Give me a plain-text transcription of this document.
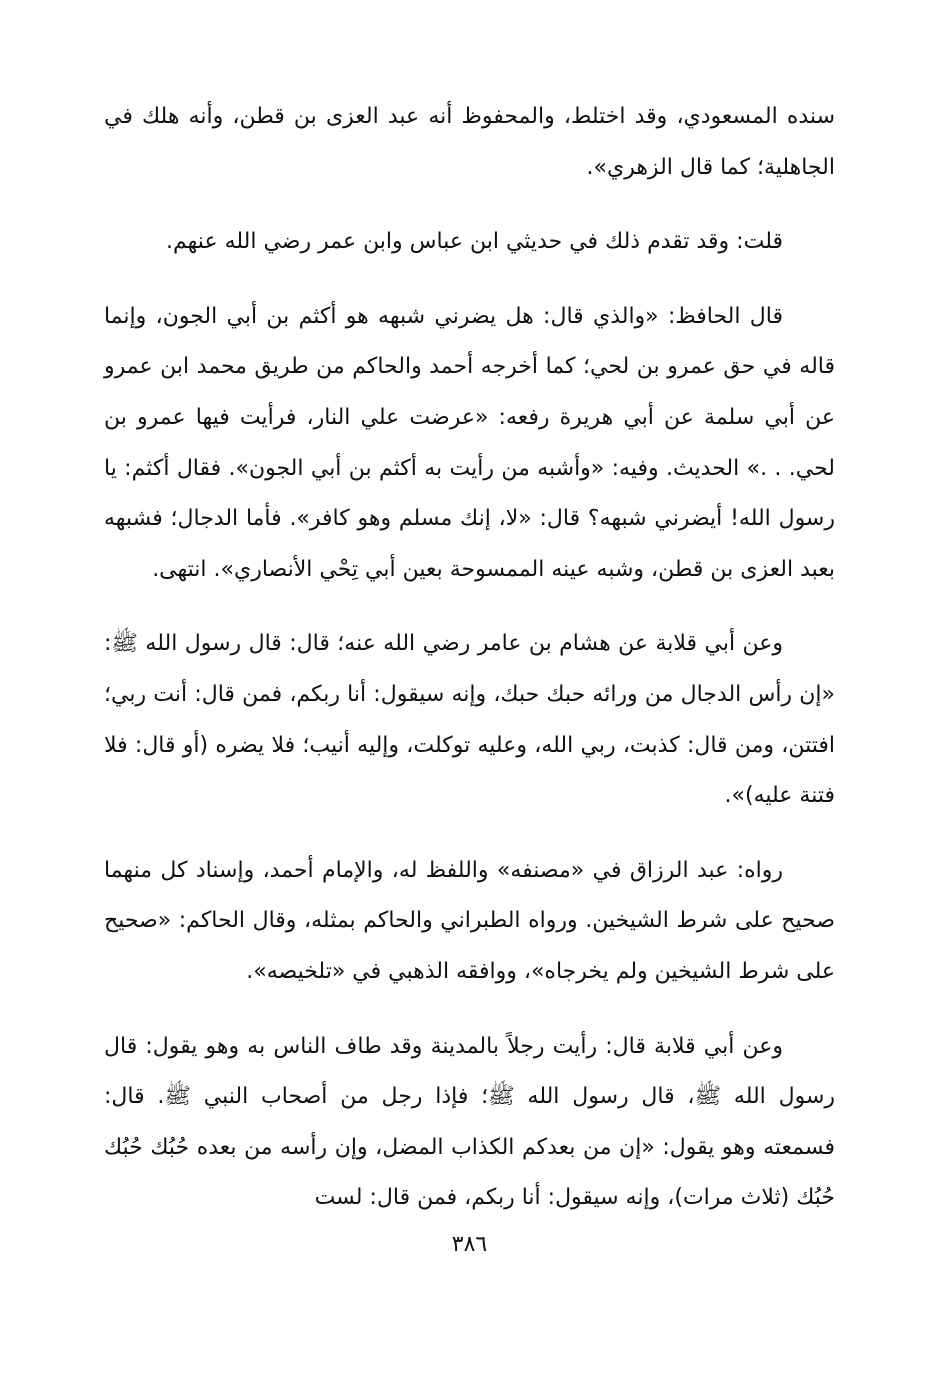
سنده المسعودي، وقد اختلط، والمحفوظ أنه عبد العزى بن قطن، وأنه هلك في الجاهلية؛ كما قال الزهري».

قلت: وقد تقدم ذلك في حديثي ابن عباس وابن عمر رضي الله عنهم.

قال الحافظ: «والذي قال: هل يضرني شبهه هو أكثم بن أبي الجون، وإنما قاله في حق عمرو بن لحي؛ كما أخرجه أحمد والحاكم من طريق محمد ابن عمرو عن أبي سلمة عن أبي هريرة رفعه: «عرضت علي النار، فرأيت فيها عمرو بن لحي. . .» الحديث. وفيه: «وأشبه من رأيت به أكثم بن أبي الجون». فقال أكثم: يا رسول الله! أيضرني شبهه؟ قال: «لا، إنك مسلم وهو كافر». فأما الدجال؛ فشبهه بعبد العزى بن قطن، وشبه عينه الممسوحة بعين أبي تِحْي الأنصاري». انتهى.

وعن أبي قلابة عن هشام بن عامر رضي الله عنه؛ قال: قال رسول الله ﷺ: «إن رأس الدجال من ورائه حبك حبك، وإنه سيقول: أنا ربكم، فمن قال: أنت ربي؛ افتتن، ومن قال: كذبت، ربي الله، وعليه توكلت، وإليه أنيب؛ فلا يضره (أو قال: فلا فتنة عليه)».

رواه: عبد الرزاق في «مصنفه» واللفظ له، والإمام أحمد، وإسناد كل منهما صحيح على شرط الشيخين. ورواه الطبراني والحاكم بمثله، وقال الحاكم: «صحيح على شرط الشيخين ولم يخرجاه»، ووافقه الذهبي في «تلخيصه».

وعن أبي قلابة قال: رأيت رجلاً بالمدينة وقد طاف الناس به وهو يقول: قال رسول الله ﷺ، قال رسول الله ﷺ؛ فإذا رجل من أصحاب النبي ﷺ. قال: فسمعته وهو يقول: «إن من بعدكم الكذاب المضل، وإن رأسه من بعده حُبُك حُبُك حُبُك (ثلاث مرات)، وإنه سيقول: أنا ربكم، فمن قال: لست

٣٨٦
